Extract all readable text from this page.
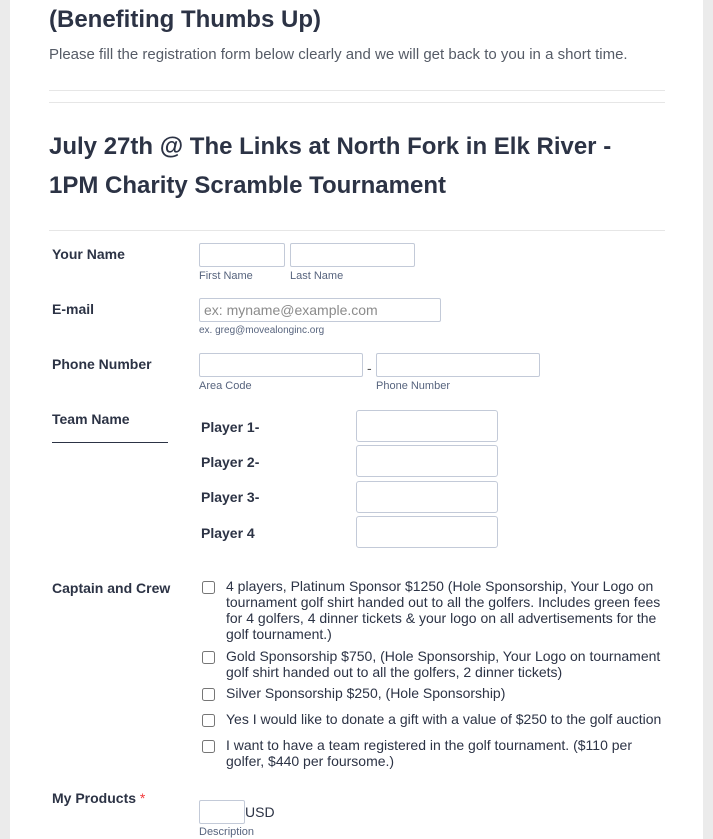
(Benefiting Thumbs Up)

Please fill the registration form below clearly and we will get back to you in a short time.

July 27th @ The Links at North Fork in Elk River - 1PM Charity Scramble Tournament
Your Name
First Name	Last Name
E-mail
ex: myname@example.com
ex. greg@movealonginc.org
Phone Number	-
Area Code	Phone Number
Team Name	Player 1-
Player 2-
Player 3-
Player 4
Captain and Crew	4 players, Platinum Sponsor $1250 (Hole Sponsorship, Your Logo on tournament golf shirt handed out to all the golfers. Includes green fees for 4 golfers, 4 dinner tickets & your logo on all advertisements for the golf tournament.)
Gold Sponsorship $750, (Hole Sponsorship, Your Logo on tournament golf shirt handed out to all the golfers, 2 dinner tickets)
Silver Sponsorship $250, (Hole Sponsorship)
Yes I would like to donate a gift with a value of $250 to the golf auction
I want to have a team registered in the golf tournament. ($110 per golfer, $440 per foursome.)
My Products *
USD
Description
